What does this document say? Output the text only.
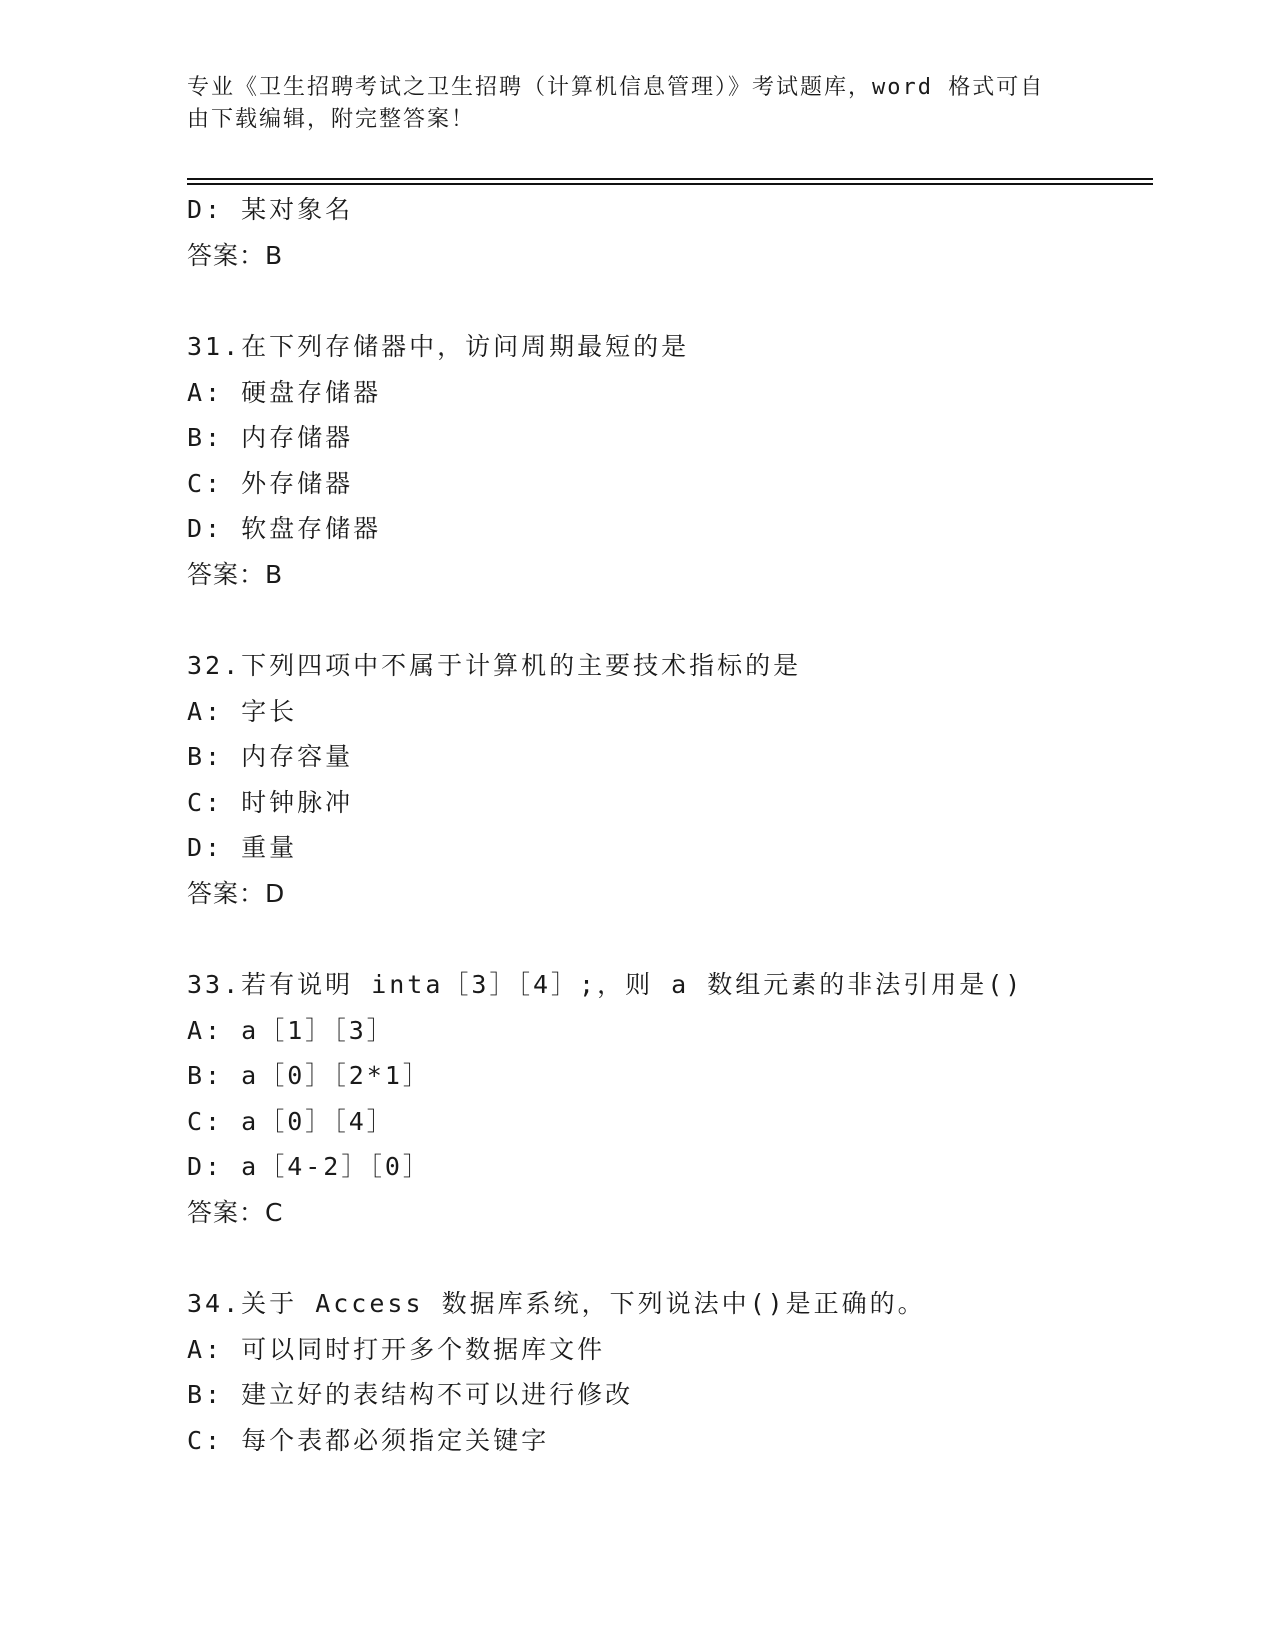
专业《卫生招聘考试之卫生招聘（计算机信息管理）》考试题库，word 格式可自
由下载编辑，附完整答案！
D: 某对象名
答案：B
31.在下列存储器中，访问周期最短的是
A: 硬盘存储器
B: 内存储器
C: 外存储器
D: 软盘存储器
答案：B
32.下列四项中不属于计算机的主要技术指标的是
A: 字长
B: 内存容量
C: 时钟脉冲
D: 重量
答案：D
33.若有说明 inta［3］［4］;，则 a 数组元素的非法引用是()
A: a［1］［3］
B: a［0］［2*1］
C: a［0］［4］
D: a［4-2］［0］
答案：C
34.关于 Access 数据库系统，下列说法中()是正确的。
A: 可以同时打开多个数据库文件
B: 建立好的表结构不可以进行修改
C: 每个表都必须指定关键字
